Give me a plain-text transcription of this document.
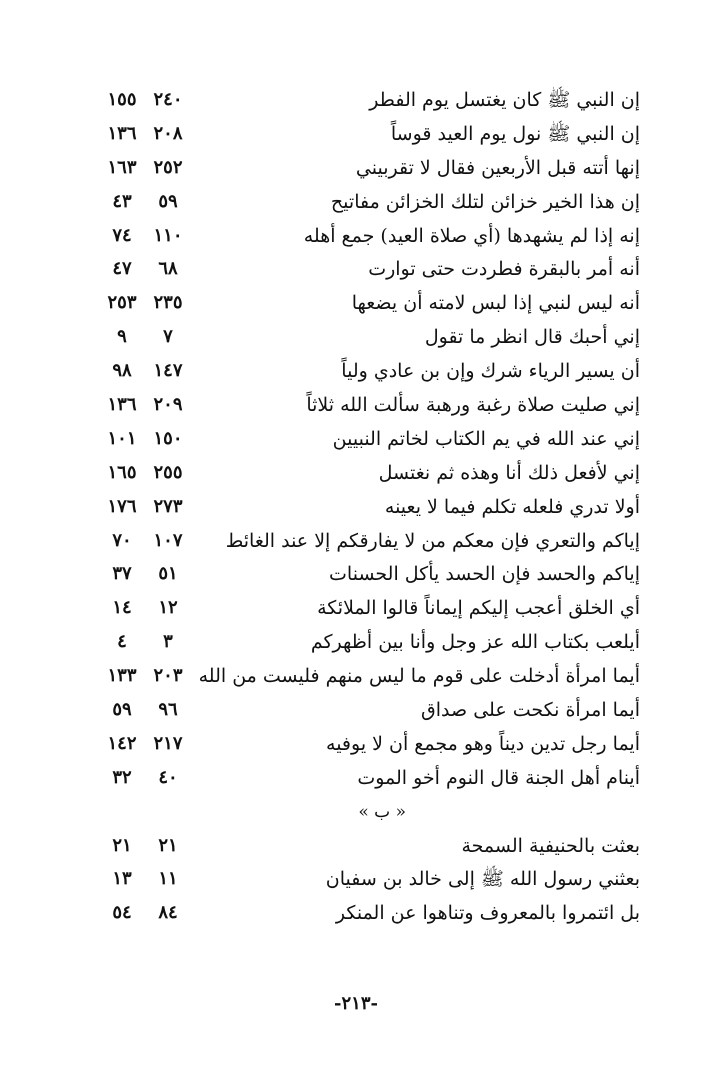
إن النبي ﷺ كان يغتسل يوم الفطر
٢٤٠
١٥٥
إن النبي ﷺ نول يوم العيد قوساً
٢٠٨
١٣٦
إنها أتته قبل الأربعين فقال لا تقربيني
٢٥٢
١٦٣
إن هذا الخير خزائن لتلك الخزائن مفاتيح
٥٩
٤٣
إنه إذا لم يشهدها (أي صلاة العيد) جمع أهله
١١٠
٧٤
أنه أمر بالبقرة فطردت حتى توارت
٦٨
٤٧
أنه ليس لنبي إذا لبس لامته أن يضعها
٢٣٥
٢٥٣
إني أحبك قال انظر ما تقول
٧
٩
أن يسير الرياء شرك وإن بن عادي ولياً
١٤٧
٩٨
إني صليت صلاة رغبة ورهبة سألت الله ثلاثاً
٢٠٩
١٣٦
إني عند الله في يم الكتاب لخاتم النبيين
١٥٠
١٠١
إني لأفعل ذلك أنا وهذه ثم نغتسل
٢٥٥
١٦٥
أولا تدري فلعله تكلم فيما لا يعينه
٢٧٣
١٧٦
إياكم والتعري فإن معكم من لا يفارقكم إلا عند الغائط
١٠٧
٧٠
إياكم والحسد فإن الحسد يأكل الحسنات
٥١
٣٧
أي الخلق أعجب إليكم إيماناً قالوا الملائكة
١٢
١٤
أيلعب بكتاب الله عز وجل وأنا بين أظهركم
٣
٤
أيما امرأة أدخلت على قوم ما ليس منهم فليست من الله
٢٠٣
١٣٣
أيما امرأة نكحت على صداق
٩٦
٥٩
أيما رجل تدين ديناً وهو مجمع أن لا يوفيه
٢١٧
١٤٢
أينام أهل الجنة قال النوم أخو الموت
٤٠
٣٢
« ب »
بعثت بالحنيفية السمحة
٢١
٢١
بعثني رسول الله ﷺ إلى خالد بن سفيان
١١
١٣
بل ائتمروا بالمعروف وتناهوا عن المنكر
٨٤
٥٤
-٢١٣-
